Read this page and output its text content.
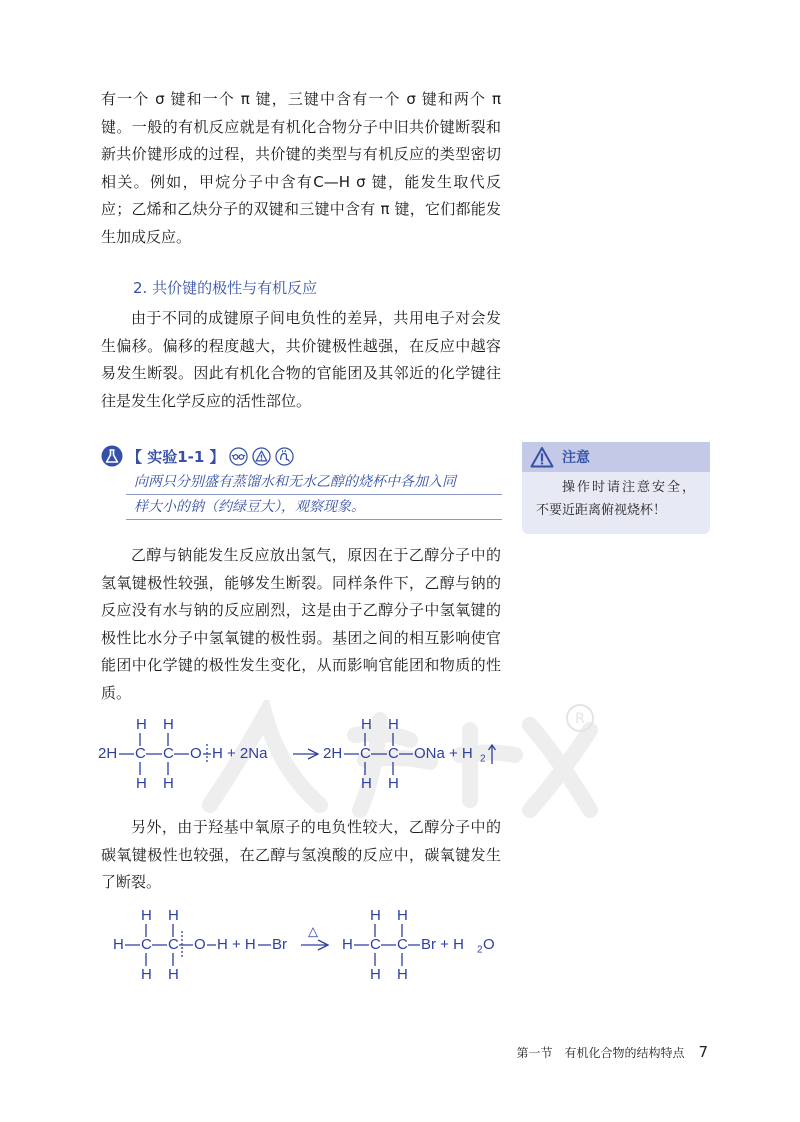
有一个 σ 键和一个 π 键，三键中含有一个 σ 键和两个 π 键。一般的有机反应就是有机化合物分子中旧共价键断裂和新共价键形成的过程，共价键的类型与有机反应的类型密切相关。例如，甲烷分子中含有C—H σ 键，能发生取代反应；乙烯和乙炔分子的双键和三键中含有 π 键，它们都能发生加成反应。

2. 共价键的极性与有机反应

由于不同的成键原子间电负性的差异，共用电子对会发生偏移。偏移的程度越大，共价键极性越强，在反应中越容易发生断裂。因此有机化合物的官能团及其邻近的化学键往往是发生化学反应的活性部位。

【 实验1-1 】
向两只分别盛有蒸馏水和无水乙醇的烧杯中各加入同
样大小的钠（约绿豆大），观察现象。
注意
操作时请注意安全，
不要近距离俯视烧杯！

乙醇与钠能发生反应放出氢气，原因在于乙醇分子中的氢氧键极性较强，能够发生断裂。同样条件下，乙醇与钠的反应没有水与钠的反应剧烈，这是由于乙醇分子中氢氧键的极性比水分子中氢氧键的极性弱。基团之间的相互影响使官能团中化学键的极性发生变化，从而影响官能团和物质的性质。

R
2H C C O H + 2Na
H H
H H
2H C C ONa + H 2
H H
H H

另外，由于羟基中氧原子的电负性较大，乙醇分子中的碳氧键极性也较强，在乙醇与氢溴酸的反应中，碳氧键发生了断裂。

H C C O H + H Br
H H
H H
△
H C C Br + H 2 O
H H
H H
第一节　有机化合物的结构特点 7
